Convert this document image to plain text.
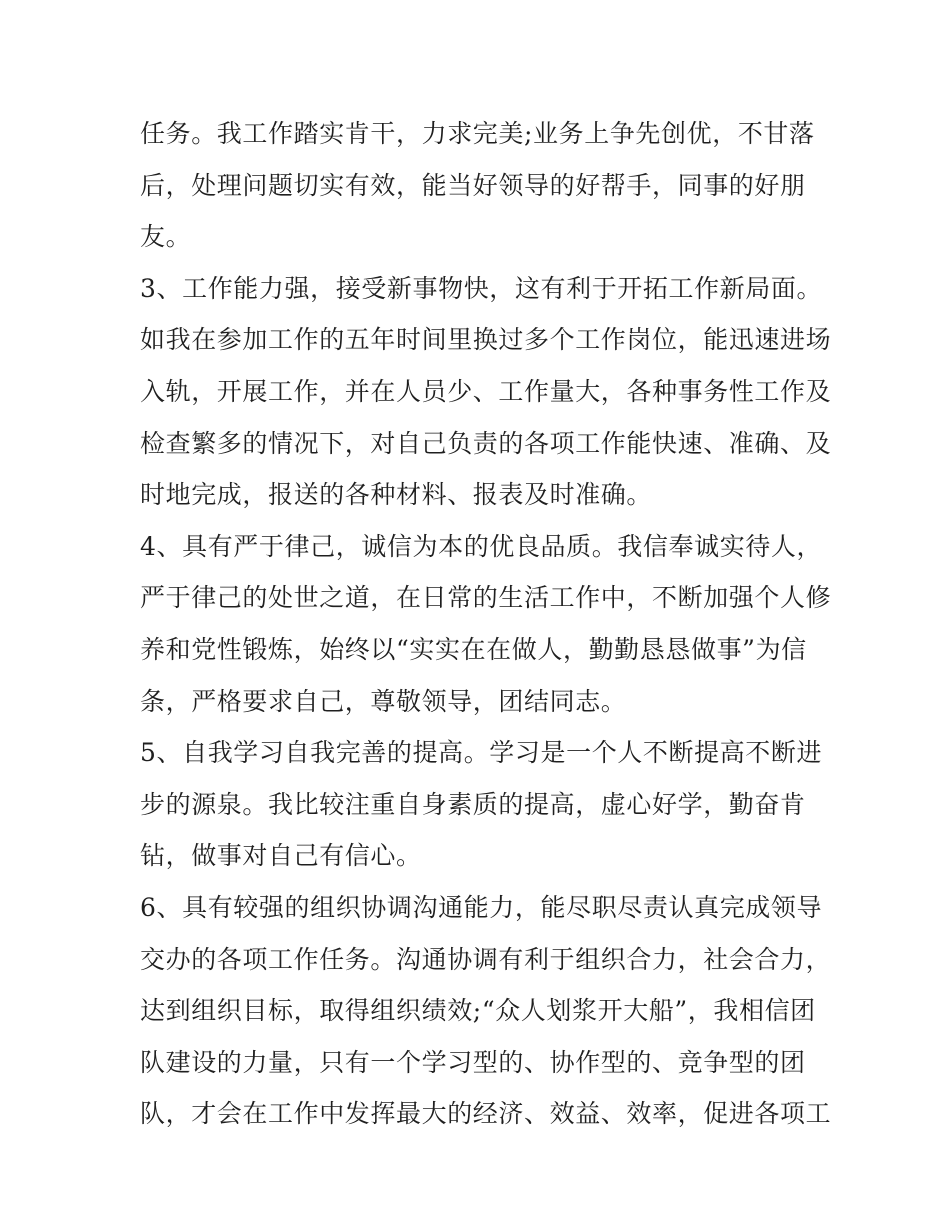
任务。我工作踏实肯干，力求完美;业务上争先创优，不甘落
后，处理问题切实有效，能当好领导的好帮手，同事的好朋
友。
3、工作能力强，接受新事物快，这有利于开拓工作新局面。
如我在参加工作的五年时间里换过多个工作岗位，能迅速进场
入轨，开展工作，并在人员少、工作量大，各种事务性工作及
检查繁多的情况下，对自己负责的各项工作能快速、准确、及
时地完成，报送的各种材料、报表及时准确。
4、具有严于律己，诚信为本的优良品质。我信奉诚实待人，
严于律己的处世之道，在日常的生活工作中，不断加强个人修
养和党性锻炼，始终以“实实在在做人，勤勤恳恳做事”为信
条，严格要求自己，尊敬领导，团结同志。
5、自我学习自我完善的提高。学习是一个人不断提高不断进
步的源泉。我比较注重自身素质的提高，虚心好学，勤奋肯
钻，做事对自己有信心。
6、具有较强的组织协调沟通能力，能尽职尽责认真完成领导
交办的各项工作任务。沟通协调有利于组织合力，社会合力，
达到组织目标，取得组织绩效;“众人划浆开大船”，我相信团
队建设的力量，只有一个学习型的、协作型的、竞争型的团
队，才会在工作中发挥最大的经济、效益、效率，促进各项工
